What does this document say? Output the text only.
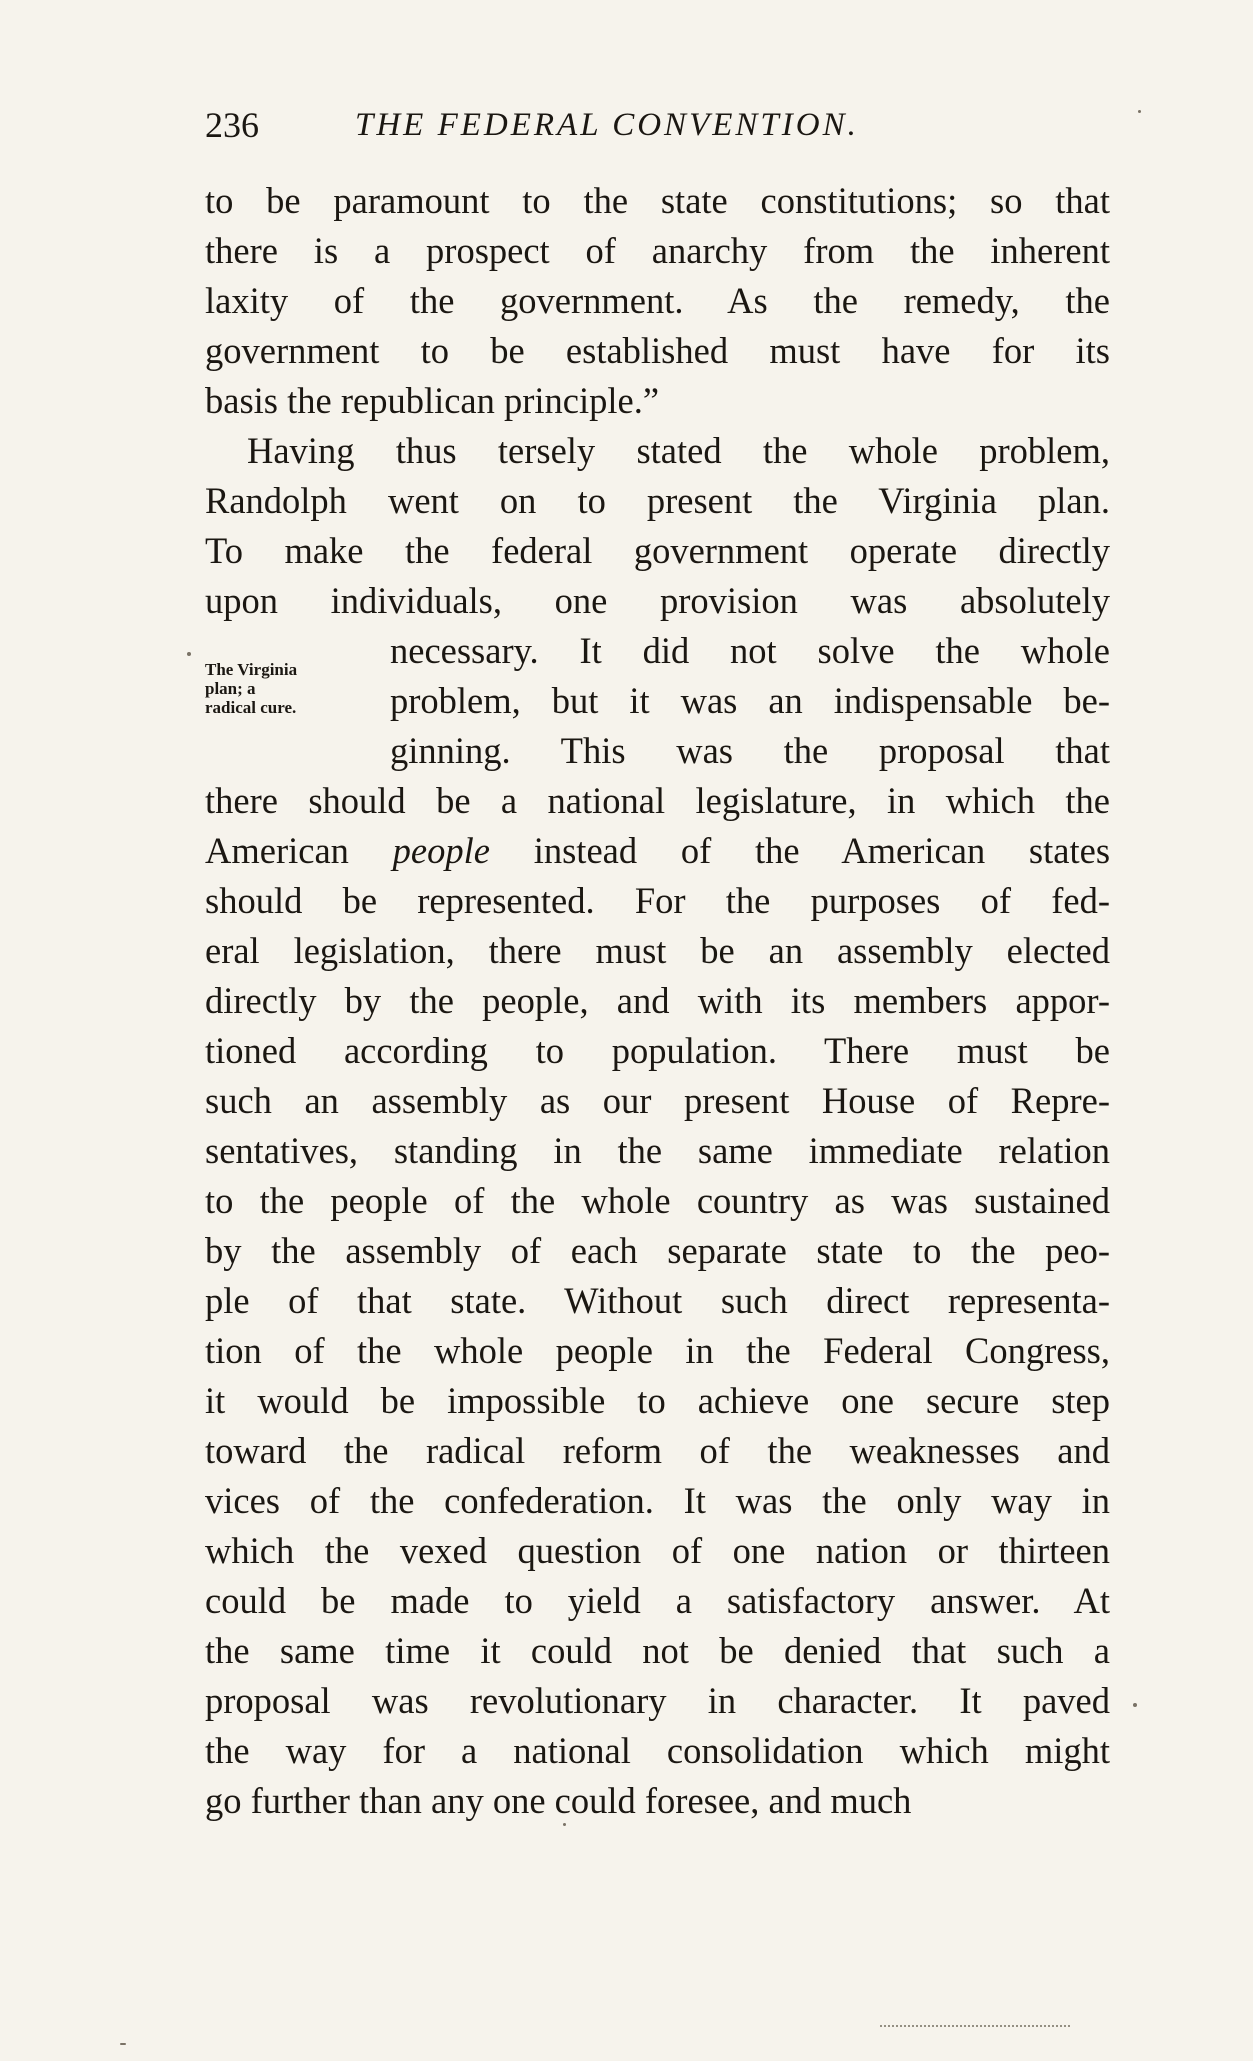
236	THE FEDERAL CONVENTION.
to be paramount to the state constitutions; so that
there is a prospect of anarchy from the inherent
laxity of the government. As the remedy, the
government to be established must have for its
basis the republican principle.”
Having thus tersely stated the whole problem,
Randolph went on to present the Virginia plan.
To make the federal government operate directly
upon individuals, one provision was absolutely
necessary. It did not solve the whole
problem, but it was an indispensable be-
ginning. This was the proposal that
there should be a national legislature, in which the
American people instead of the American states
should be represented. For the purposes of fed-
eral legislation, there must be an assembly elected
directly by the people, and with its members appor-
tioned according to population. There must be
such an assembly as our present House of Repre-
sentatives, standing in the same immediate relation
to the people of the whole country as was sustained
by the assembly of each separate state to the peo-
ple of that state. Without such direct representa-
tion of the whole people in the Federal Congress,
it would be impossible to achieve one secure step
toward the radical reform of the weaknesses and
vices of the confederation. It was the only way in
which the vexed question of one nation or thirteen
could be made to yield a satisfactory answer. At
the same time it could not be denied that such a
proposal was revolutionary in character. It paved
the way for a national consolidation which might
go further than any one could foresee, and much
The Virginia
plan; a
radical cure.
